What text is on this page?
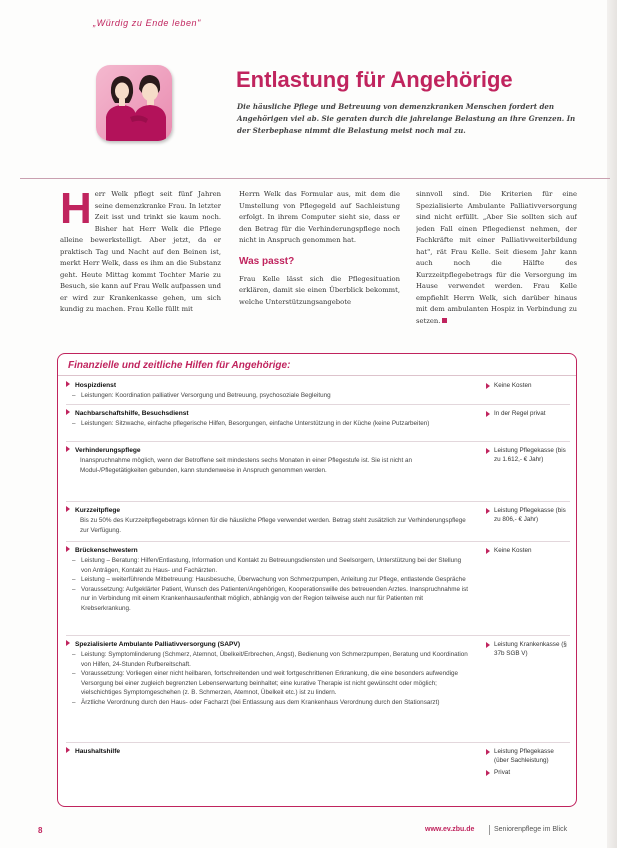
„Würdig zu Ende leben"
Entlastung für Angehörige
Die häusliche Pflege und Betreuung von demenzkranken Menschen fordert den Angehörigen viel ab. Sie geraten durch die jahrelange Belastung an ihre Grenzen. In der Sterbephase nimmt die Belastung meist noch mal zu.
Herr Welk pflegt seit fünf Jahren seine demenzkranke Frau. In letzter Zeit isst und trinkt sie kaum noch. Bisher hat Herr Welk die Pflege alleine bewerkstelligt. Aber jetzt, da er praktisch Tag und Nacht auf den Beinen ist, merkt Herr Welk, dass es ihm an die Substanz geht. Heute Mittag kommt Tochter Marie zu Besuch, sie kann auf Frau Welk aufpassen und er wird zur Krankenkasse gehen, um sich kundig zu machen. Frau Kelle füllt mit
Herrn Welk das Formular aus, mit dem die Umstellung von Pflegegeld auf Sachleistung erfolgt. In ihrem Computer sieht sie, dass er den Betrag für die Verhinderungspflege noch nicht in Anspruch genommen hat.
Was passt?
Frau Kelle lässt sich die Pflegesituation erklären, damit sie einen Überblick bekommt, welche Unterstützungsangebote
sinnvoll sind. Die Kriterien für eine Spezialisierte Ambulante Palliativversorgung sind nicht erfüllt. „Aber Sie sollten sich auf jeden Fall einen Pflegedienst nehmen, der Fachkräfte mit einer Palliativweiterbildung hat", rät Frau Kelle. Seit diesem Jahr kann auch noch die Hälfte des Kurzzeitpflegebetrags für die Versorgung im Hause verwendet werden. Frau Kelle empfiehlt Herrn Welk, sich darüber hinaus mit dem ambulanten Hospiz in Verbindung zu setzen.
Finanzielle und zeitliche Hilfen für Angehörige:
Hospizdienst
– Leistungen: Koordination palliativer Versorgung und Betreuung, psychosoziale Begleitung
Keine Kosten
Nachbarschaftshilfe, Besuchsdienst
– Leistungen: Sitzwache, einfache pflegerische Hilfen, Besorgungen, einfache Unterstützung in der Küche (keine Putzarbeiten)
In der Regel privat
Verhinderungspflege
Inanspruchnahme möglich, wenn der Betroffene seit mindestens sechs Monaten in einer Pflegestufe ist. Sie ist nicht an Modul-/Pflegetätigkeiten gebunden, kann stundenweise in Anspruch genommen werden.
Leistung Pflegekasse (bis zu 1.612,- € Jahr)
Kurzzeitpflege
Bis zu 50% des Kurzzeitpflegebetrags können für die häusliche Pflege verwendet werden. Betrag steht zusätzlich zur Verhinderungspflege zur Verfügung.
Leistung Pflegekasse (bis zu 806,- € Jahr)
Brückenschwestern
– Leistung – Beratung: Hilfen/Entlastung, Information und Kontakt zu Betreuungsdiensten und Seelsorgern, Unterstützung bei der Stellung von Anträgen, Kontakt zu Haus- und Fachärzten.
– Leistung – weiterführende Mitbetreuung: Hausbesuche, Überwachung von Schmerzpumpen, Anleitung zur Pflege, entlastende Gespräche
– Voraussetzung: Aufgeklärter Patient, Wunsch des Patienten/Angehörigen, Kooperationswille des betreuenden Arztes. Inanspruchnahme ist nur in Verbindung mit einem Krankenhausaufenthalt möglich, abhängig von der Region teilweise auch nur für Patienten mit Krebserkrankung.
Keine Kosten
Spezialisierte Ambulante Palliativversorgung (SAPV)
– Leistung: Symptomlinderung (Schmerz, Atemnot, Übelkeit/Erbrechen, Angst), Bedienung von Schmerzpumpen, Beratung und Koordination von Hilfen, 24-Stunden Rufbereitschaft.
– Voraussetzung: Vorliegen einer nicht heilbaren, fortschreitenden und weit fortgeschrittenen Erkrankung, die eine besonders aufwendige Versorgung bei einer zugleich begrenzten Lebenserwartung beinhaltet; eine kurative Therapie ist nicht gewünscht oder möglich; vielschichtiges Symptomgeschehen (z. B. Schmerzen, Atemnot, Übelkeit etc.) ist zu lindern.
– Ärztliche Verordnung durch den Haus- oder Facharzt (bei Entlassung aus dem Krankenhaus Verordnung durch den Stationsarzt)
Leistung Krankenkasse (§ 37b SGB V)
Haushaltshilfe	Leistung Pflegekasse (über Sachleistung)
Privat
8	www.ev.zbu.de	Seniorenpflege im Blick
